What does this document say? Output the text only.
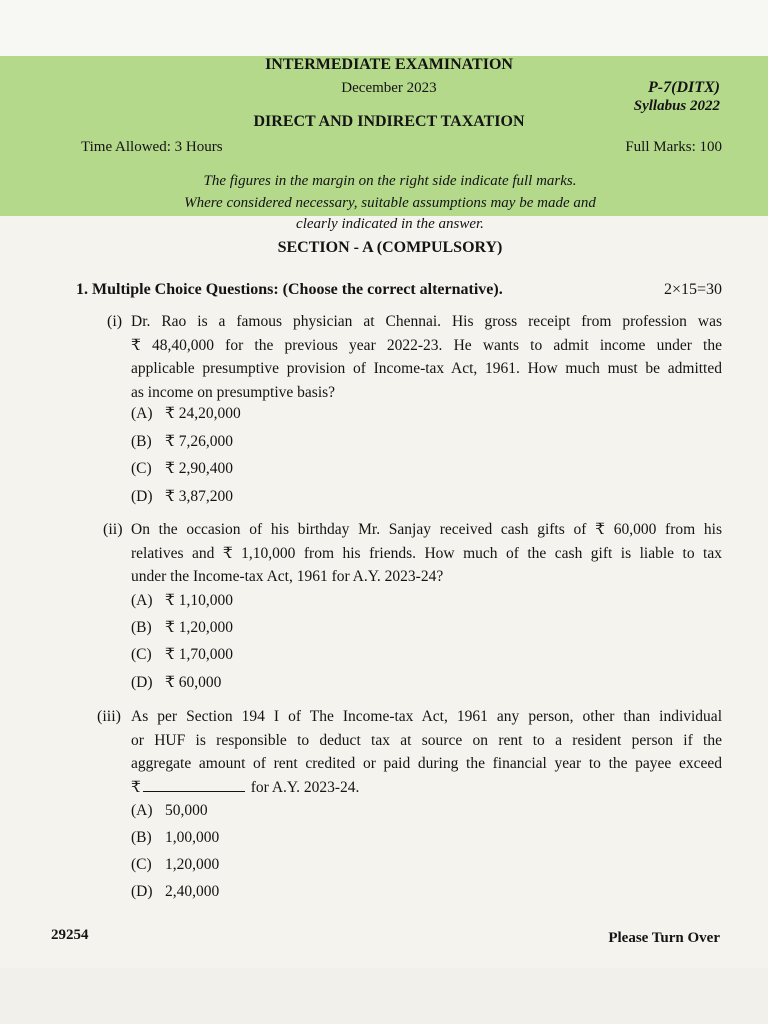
INTERMEDIATE EXAMINATION
December 2023	P-7(DITX)
Syllabus 2022
DIRECT AND INDIRECT TAXATION
Time Allowed: 3 Hours	Full Marks: 100
The figures in the margin on the right side indicate full marks.
Where considered necessary, suitable assumptions may be made and
clearly indicated in the answer.
SECTION - A (COMPULSORY)
1. Multiple Choice Questions: (Choose the correct alternative).	2×15=30
(i) Dr. Rao is a famous physician at Chennai. His gross receipt from profession was
₹ 48,40,000 for the previous year 2022-23. He wants to admit income under the
applicable presumptive provision of Income-tax Act, 1961. How much must be admitted
as income on presumptive basis?
(A) ₹ 24,20,000
(B) ₹ 7,26,000
(C) ₹ 2,90,400
(D) ₹ 3,87,200
(ii) On the occasion of his birthday Mr. Sanjay received cash gifts of ₹ 60,000 from his
relatives and ₹ 1,10,000 from his friends. How much of the cash gift is liable to tax
under the Income-tax Act, 1961 for A.Y. 2023-24?
(A) ₹ 1,10,000
(B) ₹ 1,20,000
(C) ₹ 1,70,000
(D) ₹ 60,000
(iii) As per Section 194 I of The Income-tax Act, 1961 any person, other than individual
or HUF is responsible to deduct tax at source on rent to a resident person if the
aggregate amount of rent credited or paid during the financial year to the payee exceed
₹	for A.Y. 2023-24.
(A) 50,000
(B) 1,00,000
(C) 1,20,000
(D) 2,40,000
29254	Please Turn Over
